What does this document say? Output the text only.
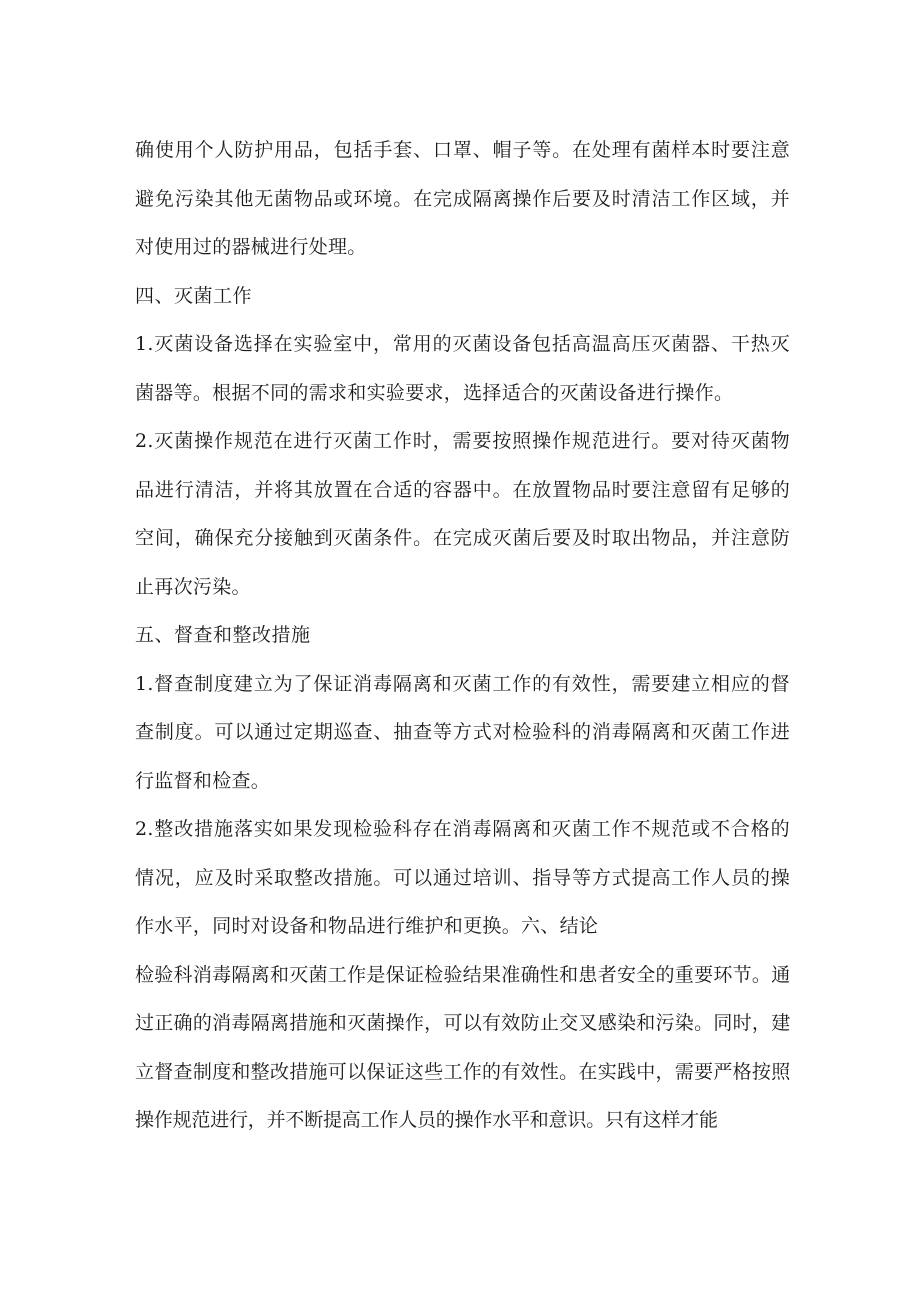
确使用个人防护用品，包括手套、口罩、帽子等。在处理有菌样本时要注意避免污染其他无菌物品或环境。在完成隔离操作后要及时清洁工作区域，并对使用过的器械进行处理。

四、灭菌工作

1.灭菌设备选择在实验室中，常用的灭菌设备包括高温高压灭菌器、干热灭菌器等。根据不同的需求和实验要求，选择适合的灭菌设备进行操作。

2.灭菌操作规范在进行灭菌工作时，需要按照操作规范进行。要对待灭菌物品进行清洁，并将其放置在合适的容器中。在放置物品时要注意留有足够的空间，确保充分接触到灭菌条件。在完成灭菌后要及时取出物品，并注意防止再次污染。

五、督查和整改措施

1.督查制度建立为了保证消毒隔离和灭菌工作的有效性，需要建立相应的督查制度。可以通过定期巡查、抽查等方式对检验科的消毒隔离和灭菌工作进行监督和检查。

2.整改措施落实如果发现检验科存在消毒隔离和灭菌工作不规范或不合格的情况，应及时采取整改措施。可以通过培训、指导等方式提高工作人员的操作水平，同时对设备和物品进行维护和更换。六、结论

检验科消毒隔离和灭菌工作是保证检验结果准确性和患者安全的重要环节。通过正确的消毒隔离措施和灭菌操作，可以有效防止交叉感染和污染。同时，建立督查制度和整改措施可以保证这些工作的有效性。在实践中，需要严格按照操作规范进行，并不断提高工作人员的操作水平和意识。只有这样才能
